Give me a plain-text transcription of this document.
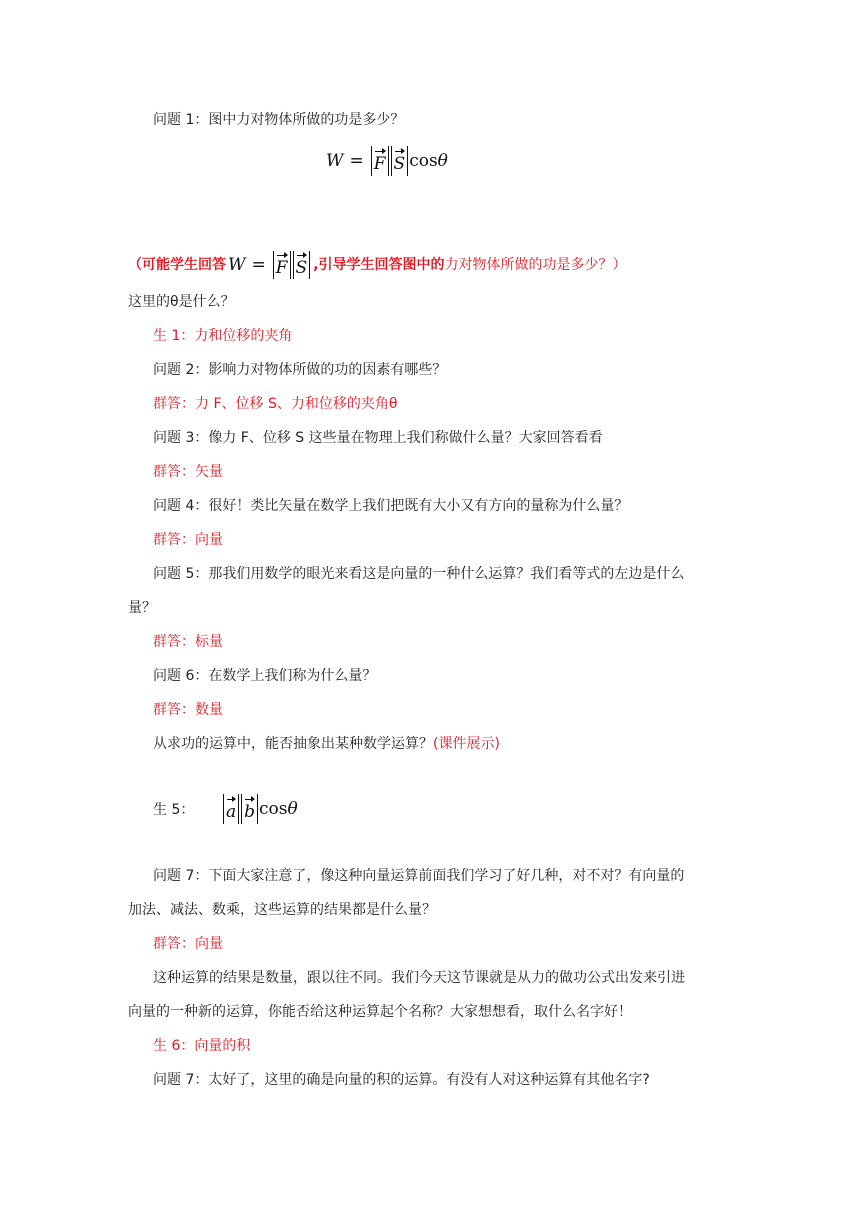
问题 1：图中力对物体所做的功是多少？
W = F S cos θ
（可能学生回答 W = F S ,引导学生回答图中的 力对物体所做的功是多少？）
这里的θ是什么？
生 1：力和位移的夹角
问题 2：影响力对物体所做的功的因素有哪些？
群答：力 F、位移 S、力和位移的夹角θ
问题 3：像力 F、位移 S 这些量在物理上我们称做什么量？大家回答看看
群答：矢量
问题 4：很好！类比矢量在数学上我们把既有大小又有方向的量称为什么量？
群答：向量
问题 5：那我们用数学的眼光来看这是向量的一种什么运算？我们看等式的左边是什么
量？
群答：标量
问题 6：在数学上我们称为什么量？
群答：数量
从求功的运算中，能否抽象出某种数学运算？(课件展示)
生 5： a b cos θ
问题 7：下面大家注意了，像这种向量运算前面我们学习了好几种，对不对？有向量的
加法、减法、数乘，这些运算的结果都是什么量？
群答：向量
这种运算的结果是数量，跟以往不同。我们今天这节课就是从力的做功公式出发来引进
向量的一种新的运算，你能否给这种运算起个名称？大家想想看，取什么名字好！
生 6：向量的积
问题 7：太好了，这里的确是向量的积的运算。有没有人对这种运算有其他名字?
